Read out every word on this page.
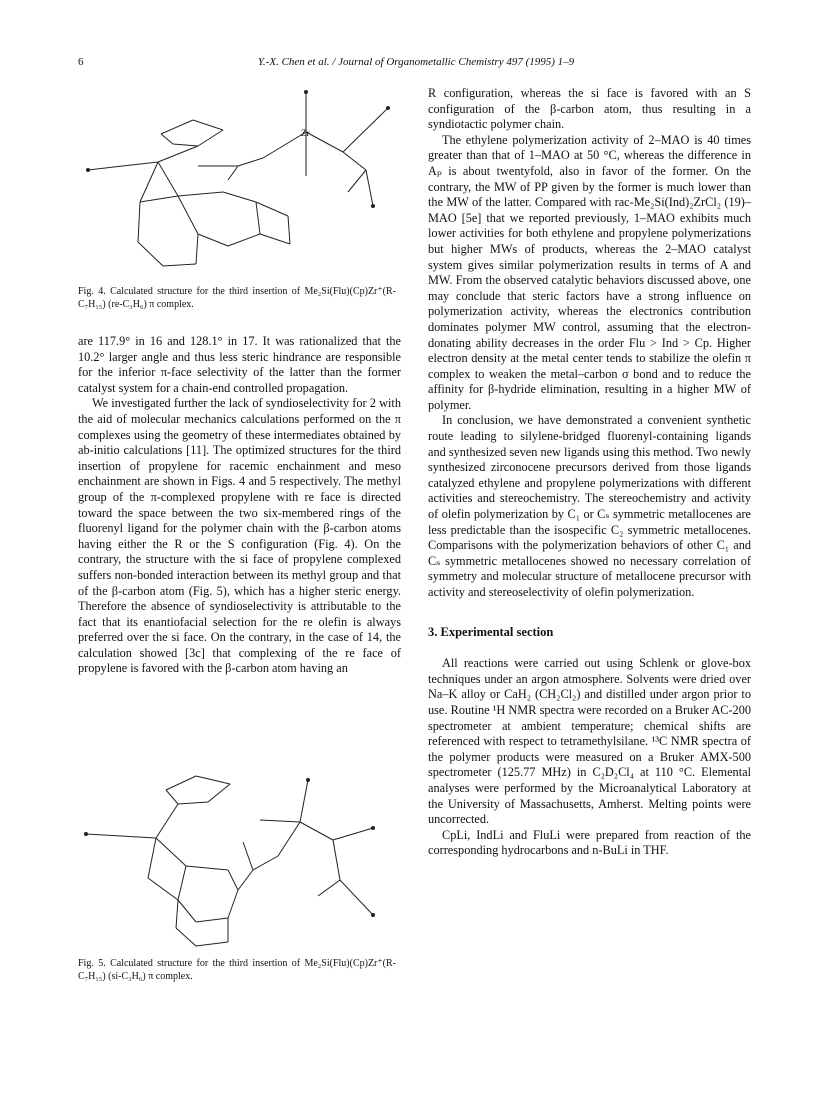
6	Y.-X. Chen et al. / Journal of Organometallic Chemistry 497 (1995) 1–9
Zr
Fig. 4. Calculated structure for the third insertion of Me₂Si(Flu)(Cp)Zr⁺(R-C₇H₁₅) (re-C₃H₆) π complex.

are 117.9° in 16 and 128.1° in 17. It was rationalized that the 10.2° larger angle and thus less steric hindrance are responsible for the inferior π-face selectivity of the latter than the former catalyst system for a chain-end controlled propagation.

We investigated further the lack of syndioselectivity for 2 with the aid of molecular mechanics calculations performed on the π complexes using the geometry of these intermediates obtained by ab-initio calculations [11]. The optimized structures for the third insertion of propylene for racemic enchainment and meso enchainment are shown in Figs. 4 and 5 respectively. The methyl group of the π-complexed propylene with re face is directed toward the space between the two six-membered rings of the fluorenyl ligand for the polymer chain with the β-carbon atoms having either the R or the S configuration (Fig. 4). On the contrary, the structure with the si face of propylene complexed suffers non-bonded interaction between its methyl group and that of the β-carbon atom (Fig. 5), which has a higher steric energy. Therefore the absence of syndioselectivity is attributable to the fact that its enantiofacial selection for the re olefin is always preferred over the si face. On the contrary, in the case of 14, the calculation showed [3c] that complexing of the re face of propylene is favored with the β-carbon atom having an

Fig. 5. Calculated structure for the third insertion of Me₂Si(Flu)(Cp)Zr⁺(R-C₇H₁₅) (si-C₃H₆) π complex.

R configuration, whereas the si face is favored with an S configuration of the β-carbon atom, thus resulting in a syndiotactic polymer chain.

The ethylene polymerization activity of 2–MAO is 40 times greater than that of 1–MAO at 50 °C, whereas the difference in Aₚ is about twentyfold, also in favor of the former. On the contrary, the MW of PP given by the former is much lower than the MW of the latter. Compared with rac-Me₂Si(Ind)₂ZrCl₂ (19)–MAO [5e] that we reported previously, 1–MAO exhibits much lower activities for both ethylene and propylene polymerizations but higher MWs of products, whereas the 2–MAO catalyst system gives similar polymerization results in terms of A and MW. From the observed catalytic behaviors discussed above, one may conclude that steric factors have a strong influence on polymerization activity, whereas the electronics contribution dominates polymer MW control, assuming that the electron-donating ability decreases in the order Flu > Ind > Cp. Higher electron density at the metal center tends to stabilize the olefin π complex to weaken the metal–carbon σ bond and to reduce the affinity for β-hydride elimination, resulting in a higher MW of polymer.

In conclusion, we have demonstrated a convenient synthetic route leading to silylene-bridged fluorenyl-containing ligands and synthesized seven new ligands using this method. Two newly synthesized zirconocene precursors derived from those ligands catalyzed ethylene and propylene polymerizations with different activities and stereochemistry. The stereochemistry and activity of olefin polymerization by C₁ or Cₛ symmetric metallocenes are less predictable than the isospecific C₂ symmetric metallocenes. Comparisons with the polymerization behaviors of other C₁ and Cₛ symmetric metallocenes showed no necessary correlation of symmetry and molecular structure of metallocene precursor with activity and stereoselectivity of olefin polymerization.

3. Experimental section

All reactions were carried out using Schlenk or glove-box techniques under an argon atmosphere. Solvents were dried over Na–K alloy or CaH₂ (CH₂Cl₂) and distilled under argon prior to use. Routine ¹H NMR spectra were recorded on a Bruker AC-200 spectrometer at ambient temperature; chemical shifts are referenced with respect to tetramethylsilane. ¹³C NMR spectra of the polymer products were measured on a Bruker AMX-500 spectrometer (125.77 MHz) in C₂D₂Cl₄ at 110 °C. Elemental analyses were performed by the Microanalytical Laboratory at the University of Massachusetts, Amherst. Melting points were uncorrected.

CpLi, IndLi and FluLi were prepared from reaction of the corresponding hydrocarbons and n-BuLi in THF.
